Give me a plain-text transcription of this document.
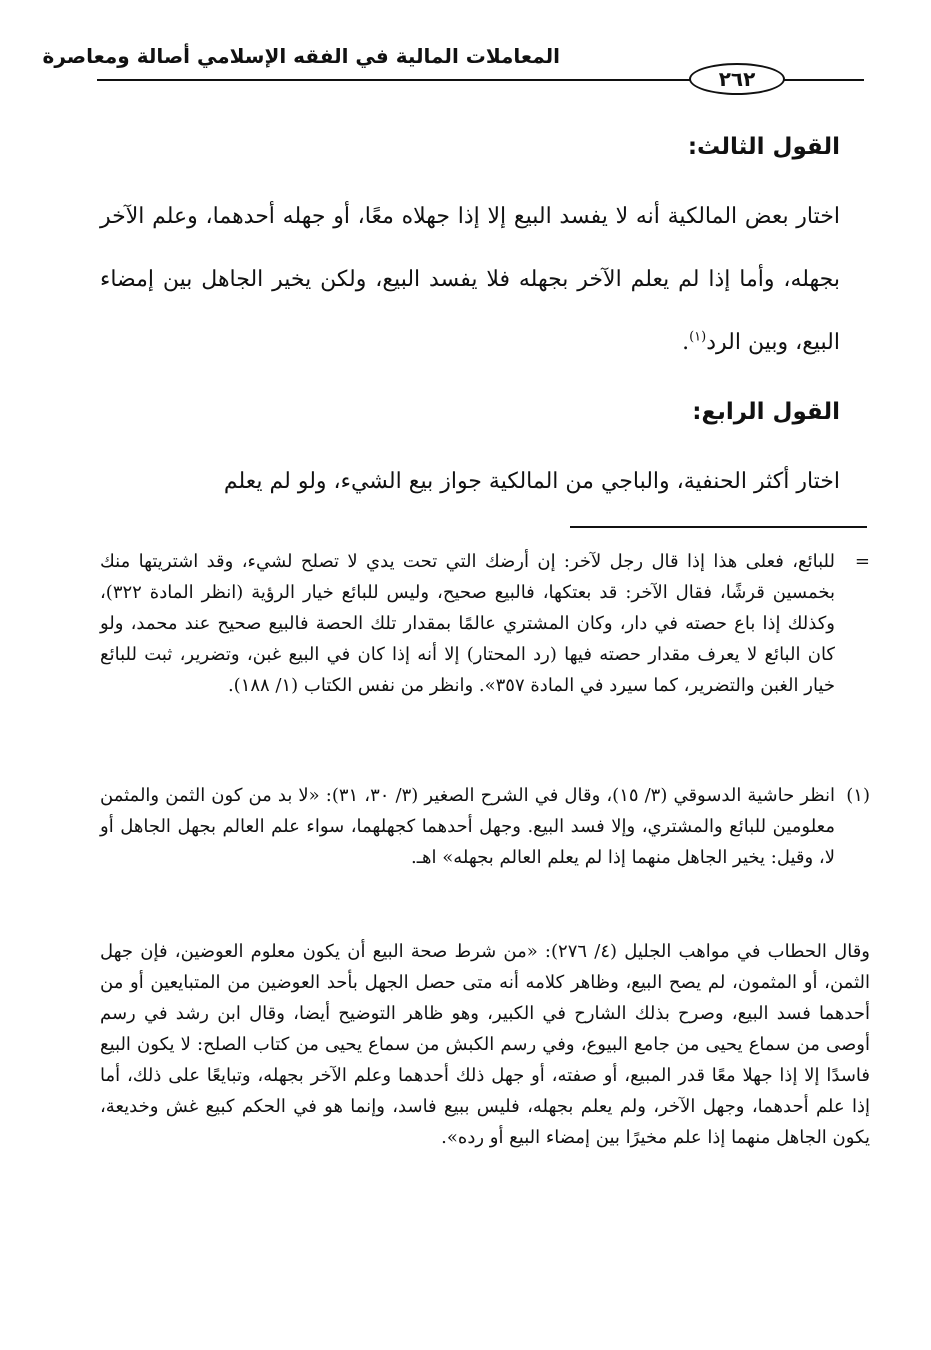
المعاملات المالية في الفقه الإسلامي أصالة ومعاصرة
٢٦٢
القول الثالث:

اختار بعض المالكية أنه لا يفسد البيع إلا إذا جهلاه معًا، أو جهله أحدهما، وعلم الآخر بجهله، وأما إذا لم يعلم الآخر بجهله فلا يفسد البيع، ولكن يخير الجاهل بين إمضاء البيع، وبين الرد$^{(١)}$.

القول الرابع:

اختار أكثر الحنفية، والباجي من المالكية جواز بيع الشيء، ولو لم يعلم

=
للبائع، فعلى هذا إذا قال رجل لآخر: إن أرضك التي تحت يدي لا تصلح لشيء، وقد اشتريتها منك بخمسين قرشًا، فقال الآخر: قد بعتكها، فالبيع صحيح، وليس للبائع خيار الرؤية (انظر المادة ٣٢٢)، وكذلك إذا باع حصته في دار، وكان المشتري عالمًا بمقدار تلك الحصة فالبيع صحيح عند محمد، ولو كان البائع لا يعرف مقدار حصته فيها (رد المحتار) إلا أنه إذا كان في البيع غبن، وتضرير، ثبت للبائع خيار الغبن والتضرير، كما سيرد في المادة ٣٥٧». وانظر من نفس الكتاب (١/ ١٨٨).
(١)
انظر حاشية الدسوقي (٣/ ١٥)، وقال في الشرح الصغير (٣/ ٣٠، ٣١): «لا بد من كون الثمن والمثمن معلومين للبائع والمشتري، وإلا فسد البيع. وجهل أحدهما كجهلهما، سواء علم العالم بجهل الجاهل أو لا، وقيل: يخير الجاهل منهما إذا لم يعلم العالم بجهله» اهـ.
وقال الحطاب في مواهب الجليل (٤/ ٢٧٦): «من شرط صحة البيع أن يكون معلوم العوضين، فإن جهل الثمن، أو المثمون، لم يصح البيع، وظاهر كلامه أنه متى حصل الجهل بأحد العوضين من المتبايعين أو من أحدهما فسد البيع، وصرح بذلك الشارح في الكبير، وهو ظاهر التوضيح أيضا، وقال ابن رشد في رسم أوصى من سماع يحيى من جامع البيوع، وفي رسم الكبش من سماع يحيى من كتاب الصلح: لا يكون البيع فاسدًا إلا إذا جهلا معًا قدر المبيع، أو صفته، أو جهل ذلك أحدهما وعلم الآخر بجهله، وتبايعًا على ذلك، أما إذا علم أحدهما، وجهل الآخر، ولم يعلم بجهله، فليس ببيع فاسد، وإنما هو في الحكم كبيع غش وخديعة، يكون الجاهل منهما إذا علم مخيرًا بين إمضاء البيع أو رده».
